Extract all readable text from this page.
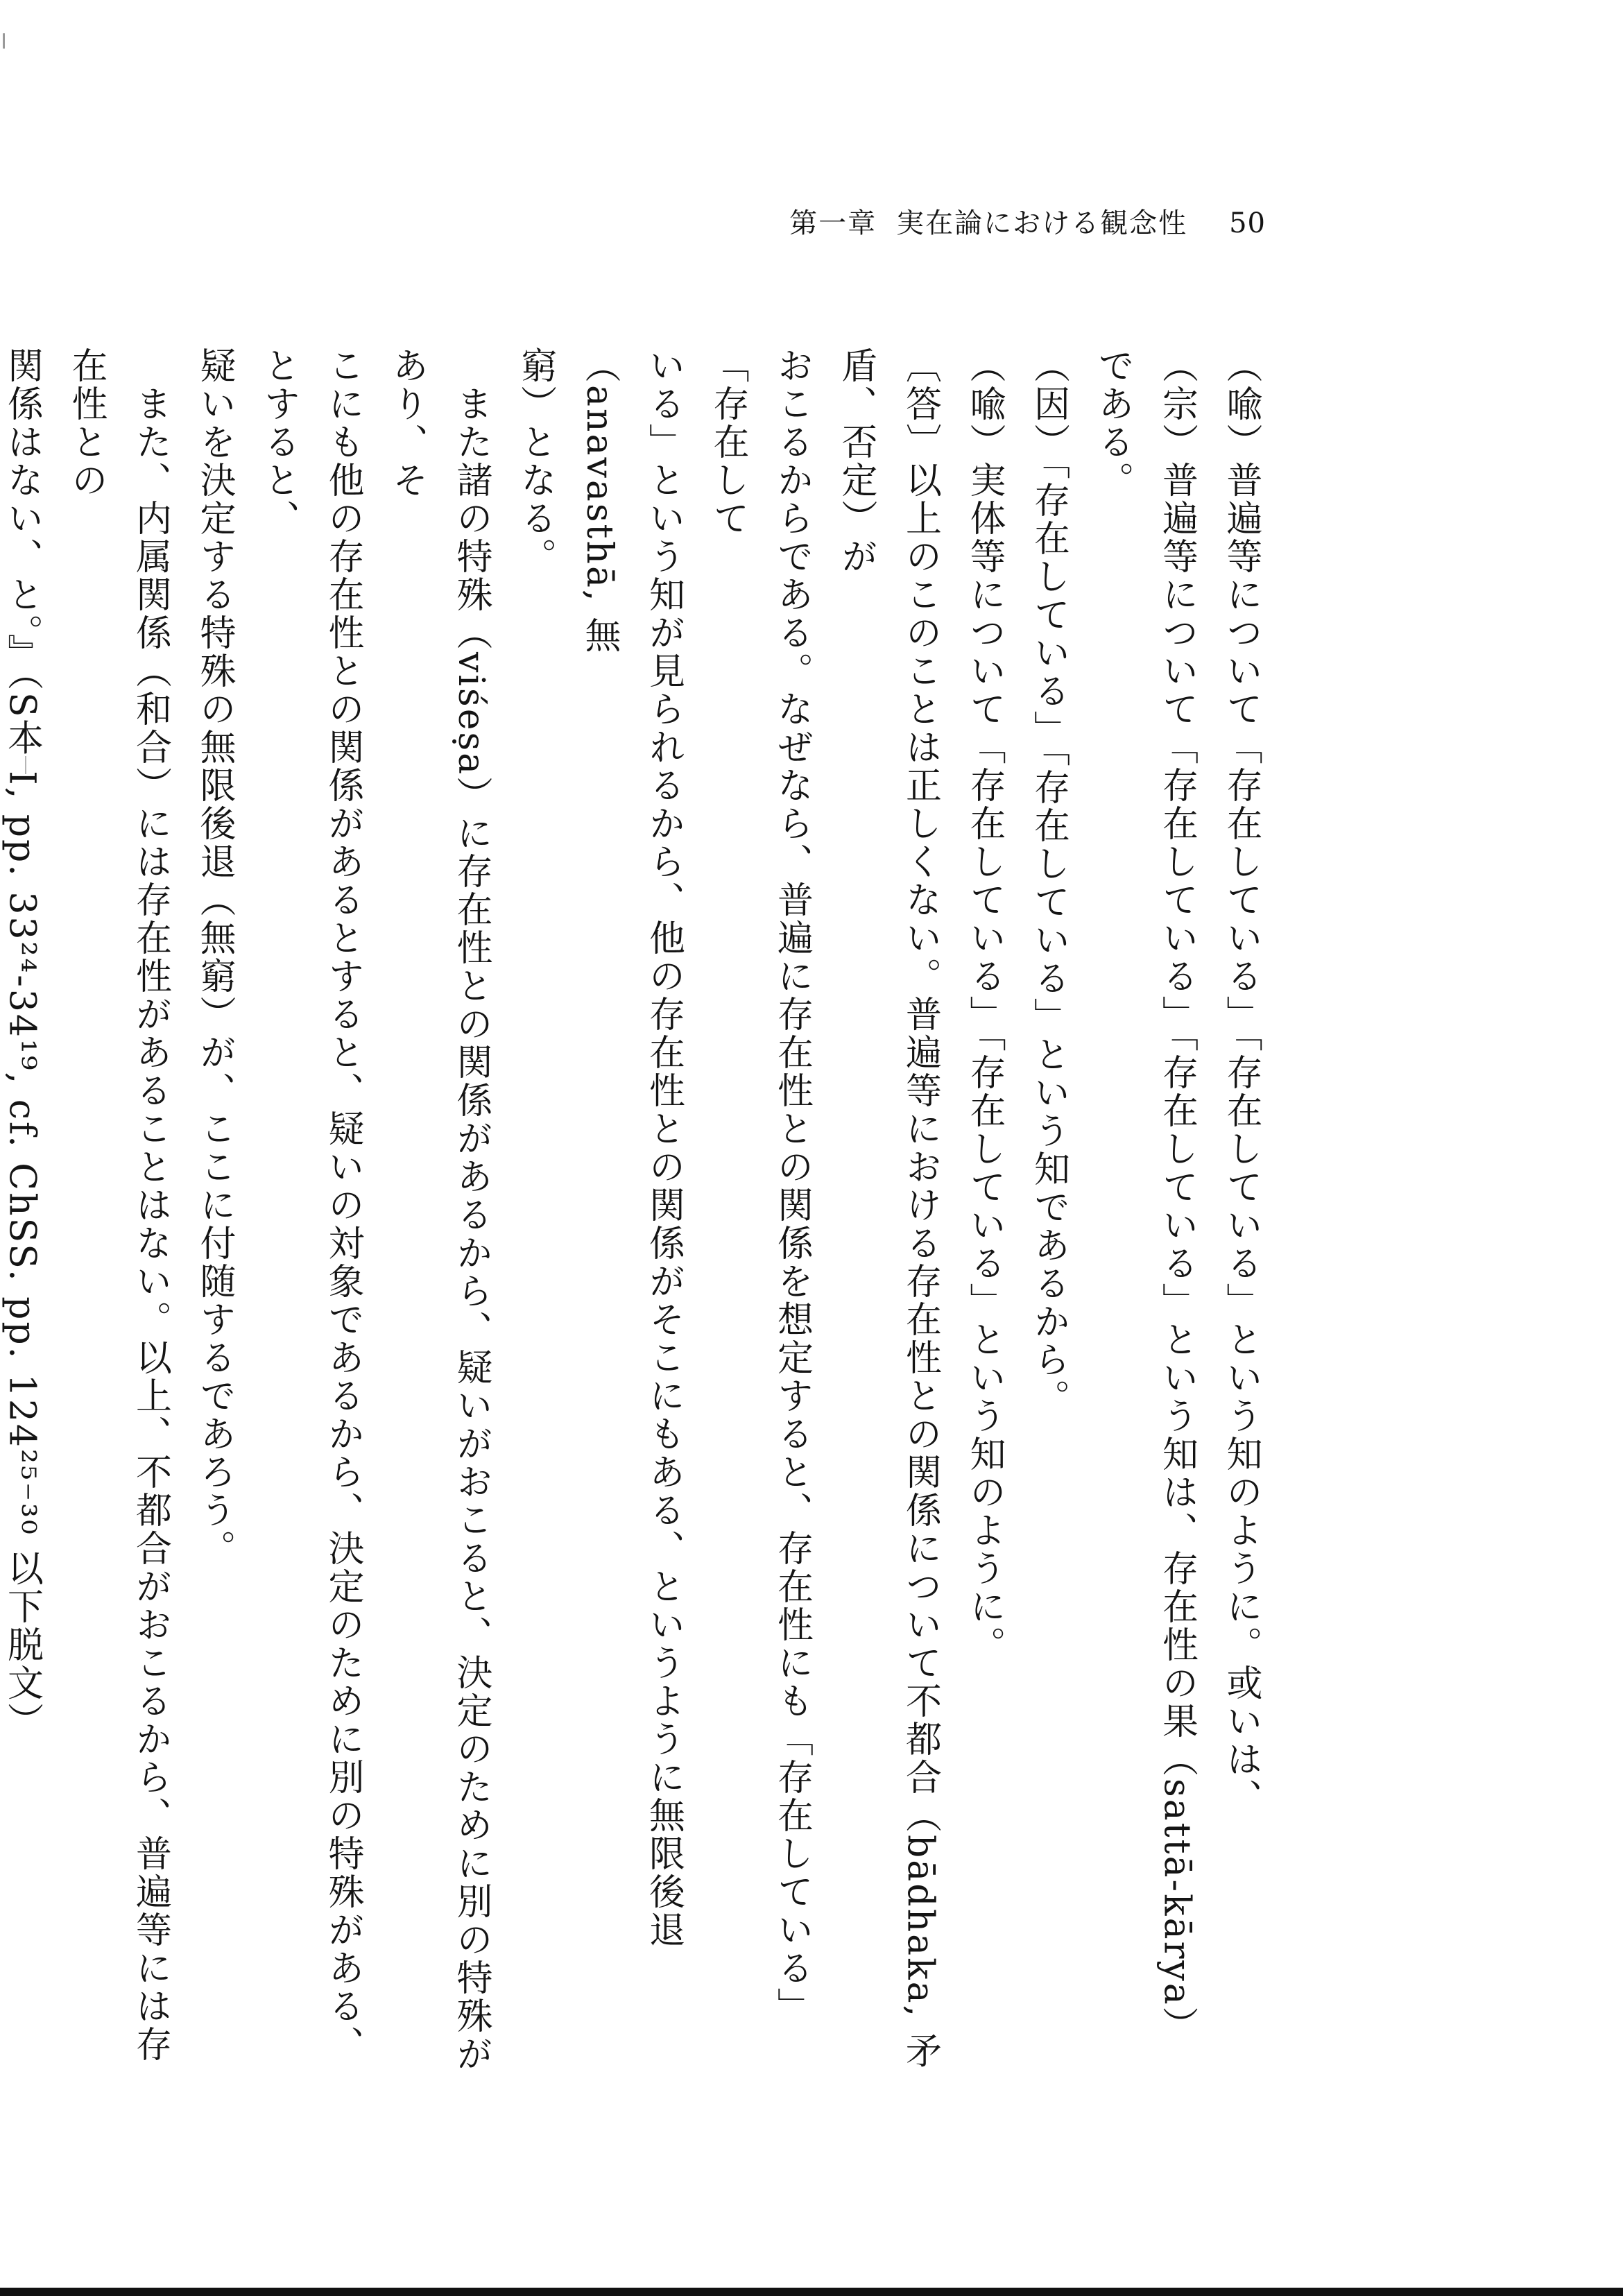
第一章 実在論における観念性 50

（喩）普遍等について「存在している」「存在している」という知のように。或いは、

（宗）普遍等について「存在している」「存在している」という知は、存在性の果（sattā-kārya）である。

（因）「存在している」「存在している」という知であるから。

（喩）実体等について「存在している」「存在している」という知のように。

〔答〕以上のこのことは正しくない。普遍等における存在性との関係について不都合（bādhaka, 矛盾、否定）が

おこるからである。なぜなら、普遍に存在性との関係を想定すると、存在性にも「存在している」「存在して

いる」という知が見られるから、他の存在性との関係がそこにもある、というように無限後退（anavasthā, 無

窮）となる。

　また諸の特殊（viśeṣa）に存在性との関係があるから、疑いがおこると、決定のために別の特殊があり、そ

こにも他の存在性との関係があるとすると、疑いの対象であるから、決定のために別の特殊がある、とすると、

疑いを決定する特殊の無限後退（無窮）が、ここに付随するであろう。

　また、内属関係（和合）には存在性があることはない。以上、不都合がおこるから、普遍等には存在性との

関係はない、と。』（S本 I, pp. 33²⁴-34¹⁹, cf. ChSS. pp. 124²⁵⁻³⁰ 以下脱文）
